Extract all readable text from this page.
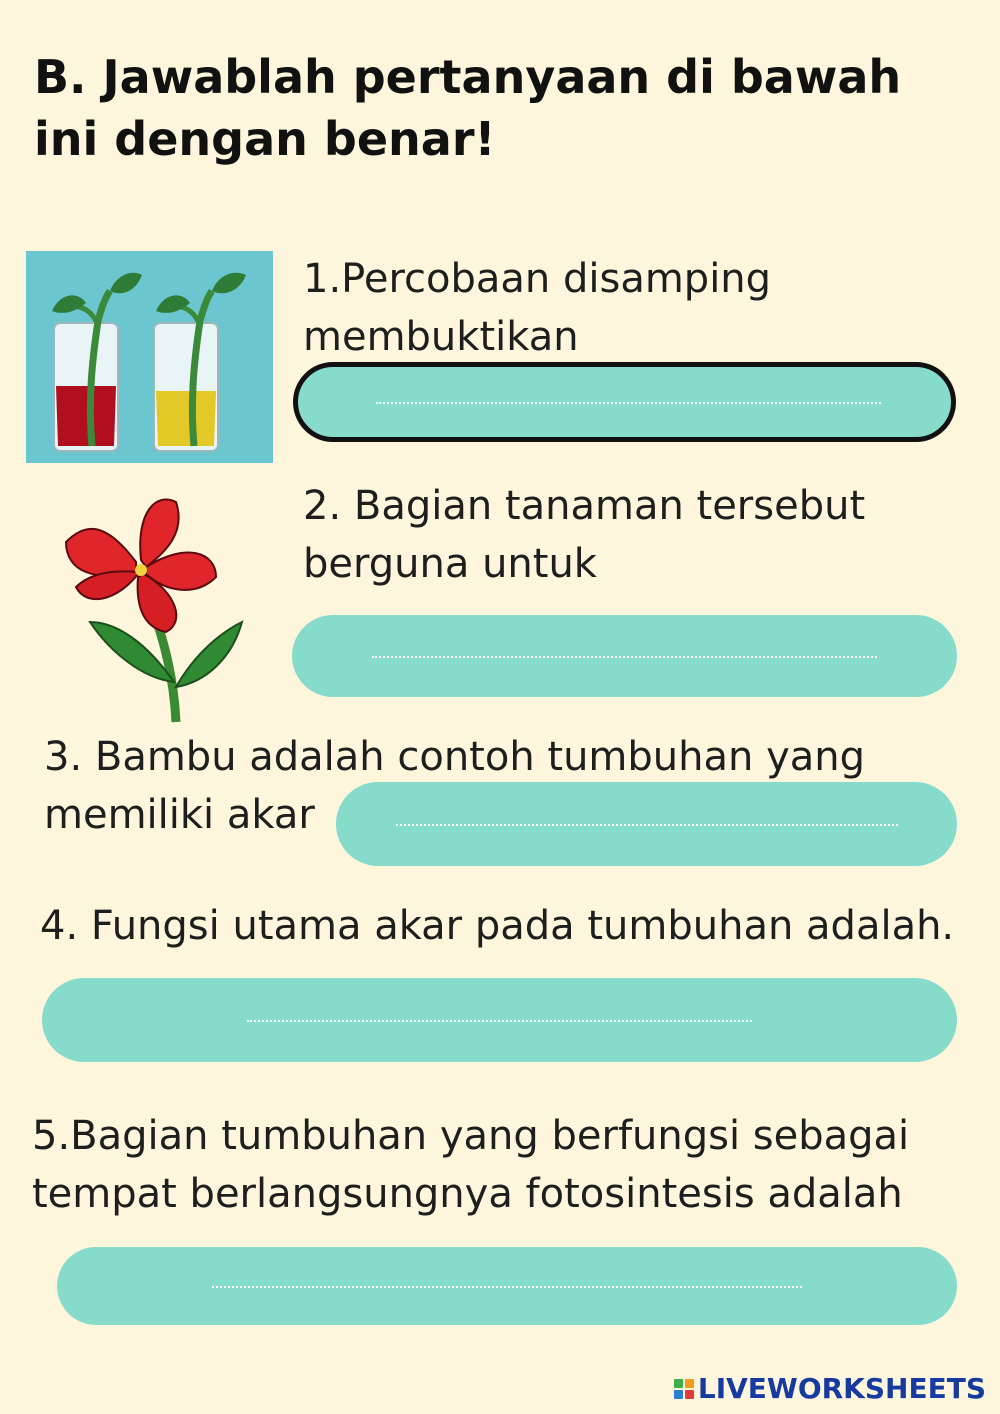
B. Jawablah pertanyaan di bawah ini dengan benar!
1.Percobaan disamping
membuktikan
2. Bagian tanaman tersebut
berguna untuk
3. Bambu adalah contoh tumbuhan yang
memiliki akar
4. Fungsi utama akar pada tumbuhan adalah.
5.Bagian tumbuhan yang berfungsi sebagai
tempat berlangsungnya fotosintesis adalah
LIVEWORKSHEETS
